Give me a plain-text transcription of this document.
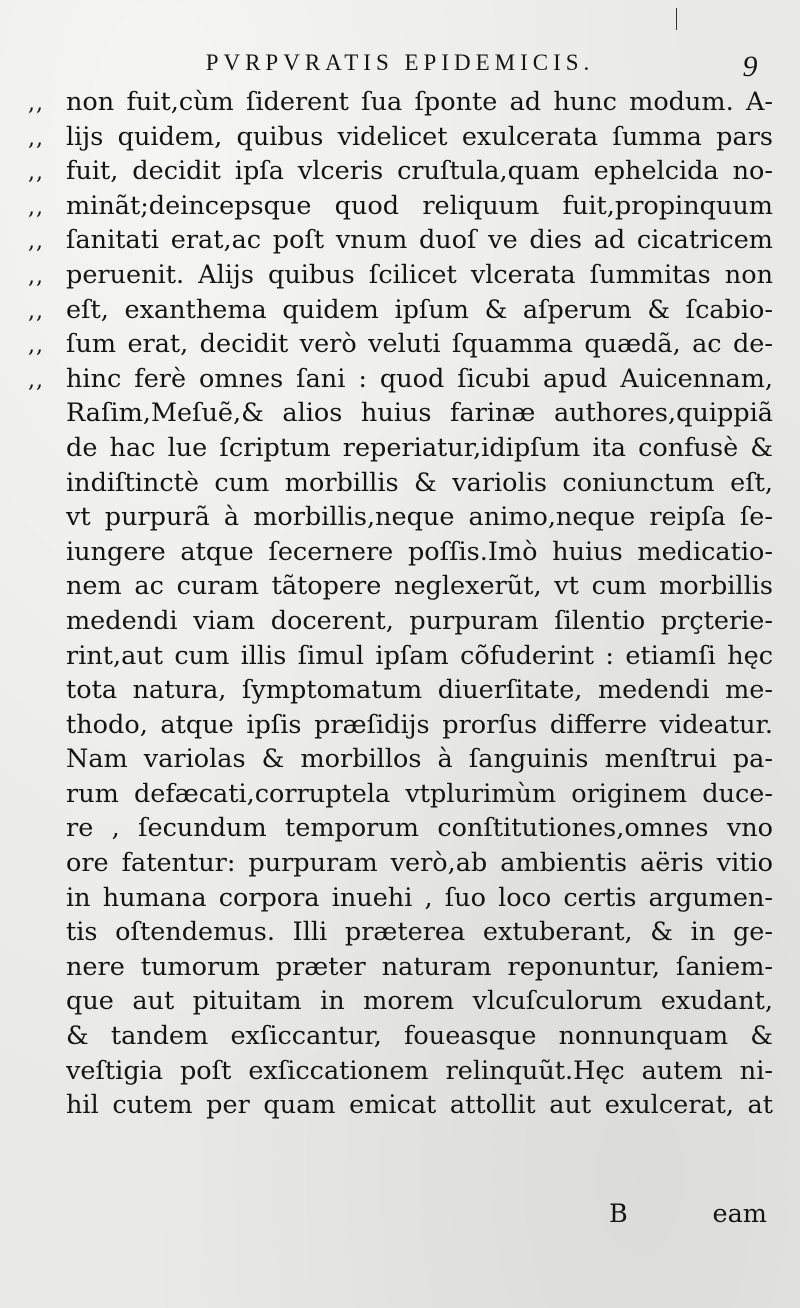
PVRPVRATIS EPIDEMICIS.	9
,, non fuit,cùm ſiderent ſua ſponte ad hunc modum. A-
,, lijs quidem, quibus videlicet exulcerata ſumma pars
,, fuit, decidit ipſa vlceris cruſtula,quam ephelcida no-
,, minãt;deincepsque quod reliquum fuit,propinquum
,, ſanitati erat,ac poſt vnum duoſ ve dies ad cicatricem
,, peruenit. Alijs quibus ſcilicet vlcerata ſummitas non
,, eſt, exanthema quidem ipſum & aſperum & ſcabio-
,, ſum erat, decidit verò veluti ſquamma quædã, ac de-
,, hinc ferè omnes ſani : quod ſicubi apud Auicennam,
Raſim,Meſuẽ,& alios huius farinæ authores,quippiã
de hac lue ſcriptum reperiatur,idipſum ita confusè &
indiſtinctè cum morbillis & variolis coniunctum eſt,
vt purpurã à morbillis,neque animo,neque reipſa ſe-
iungere atque ſecernere poſſis.Imò huius medicatio-
nem ac curam tãtopere neglexerũt, vt cum morbillis
medendi viam docerent, purpuram ſilentio prçterie-
rint,aut cum illis ſimul ipſam cõfuderint : etiamſi hęc
tota natura, ſymptomatum diuerſitate, medendi me-
thodo, atque ipſis præſidijs prorſus differre videatur.
Nam variolas & morbillos à ſanguinis menſtrui pa-
rum defæcati,corruptela vtplurimùm originem duce-
re , ſecundum temporum conſtitutiones,omnes vno
ore fatentur: purpuram verò,ab ambientis aëris vitio
in humana corpora inuehi , ſuo loco certis argumen-
tis oſtendemus. Illi præterea extuberant, & in ge-
nere tumorum præter naturam reponuntur, ſaniem-
que aut pituitam in morem vlcuſculorum exudant,
& tandem exſiccantur, foueasque nonnunquam &
veſtigia poſt exſiccationem relinquũt.Hęc autem ni-
hil cutem per quam emicat attollit aut exulcerat, at
B	eam
